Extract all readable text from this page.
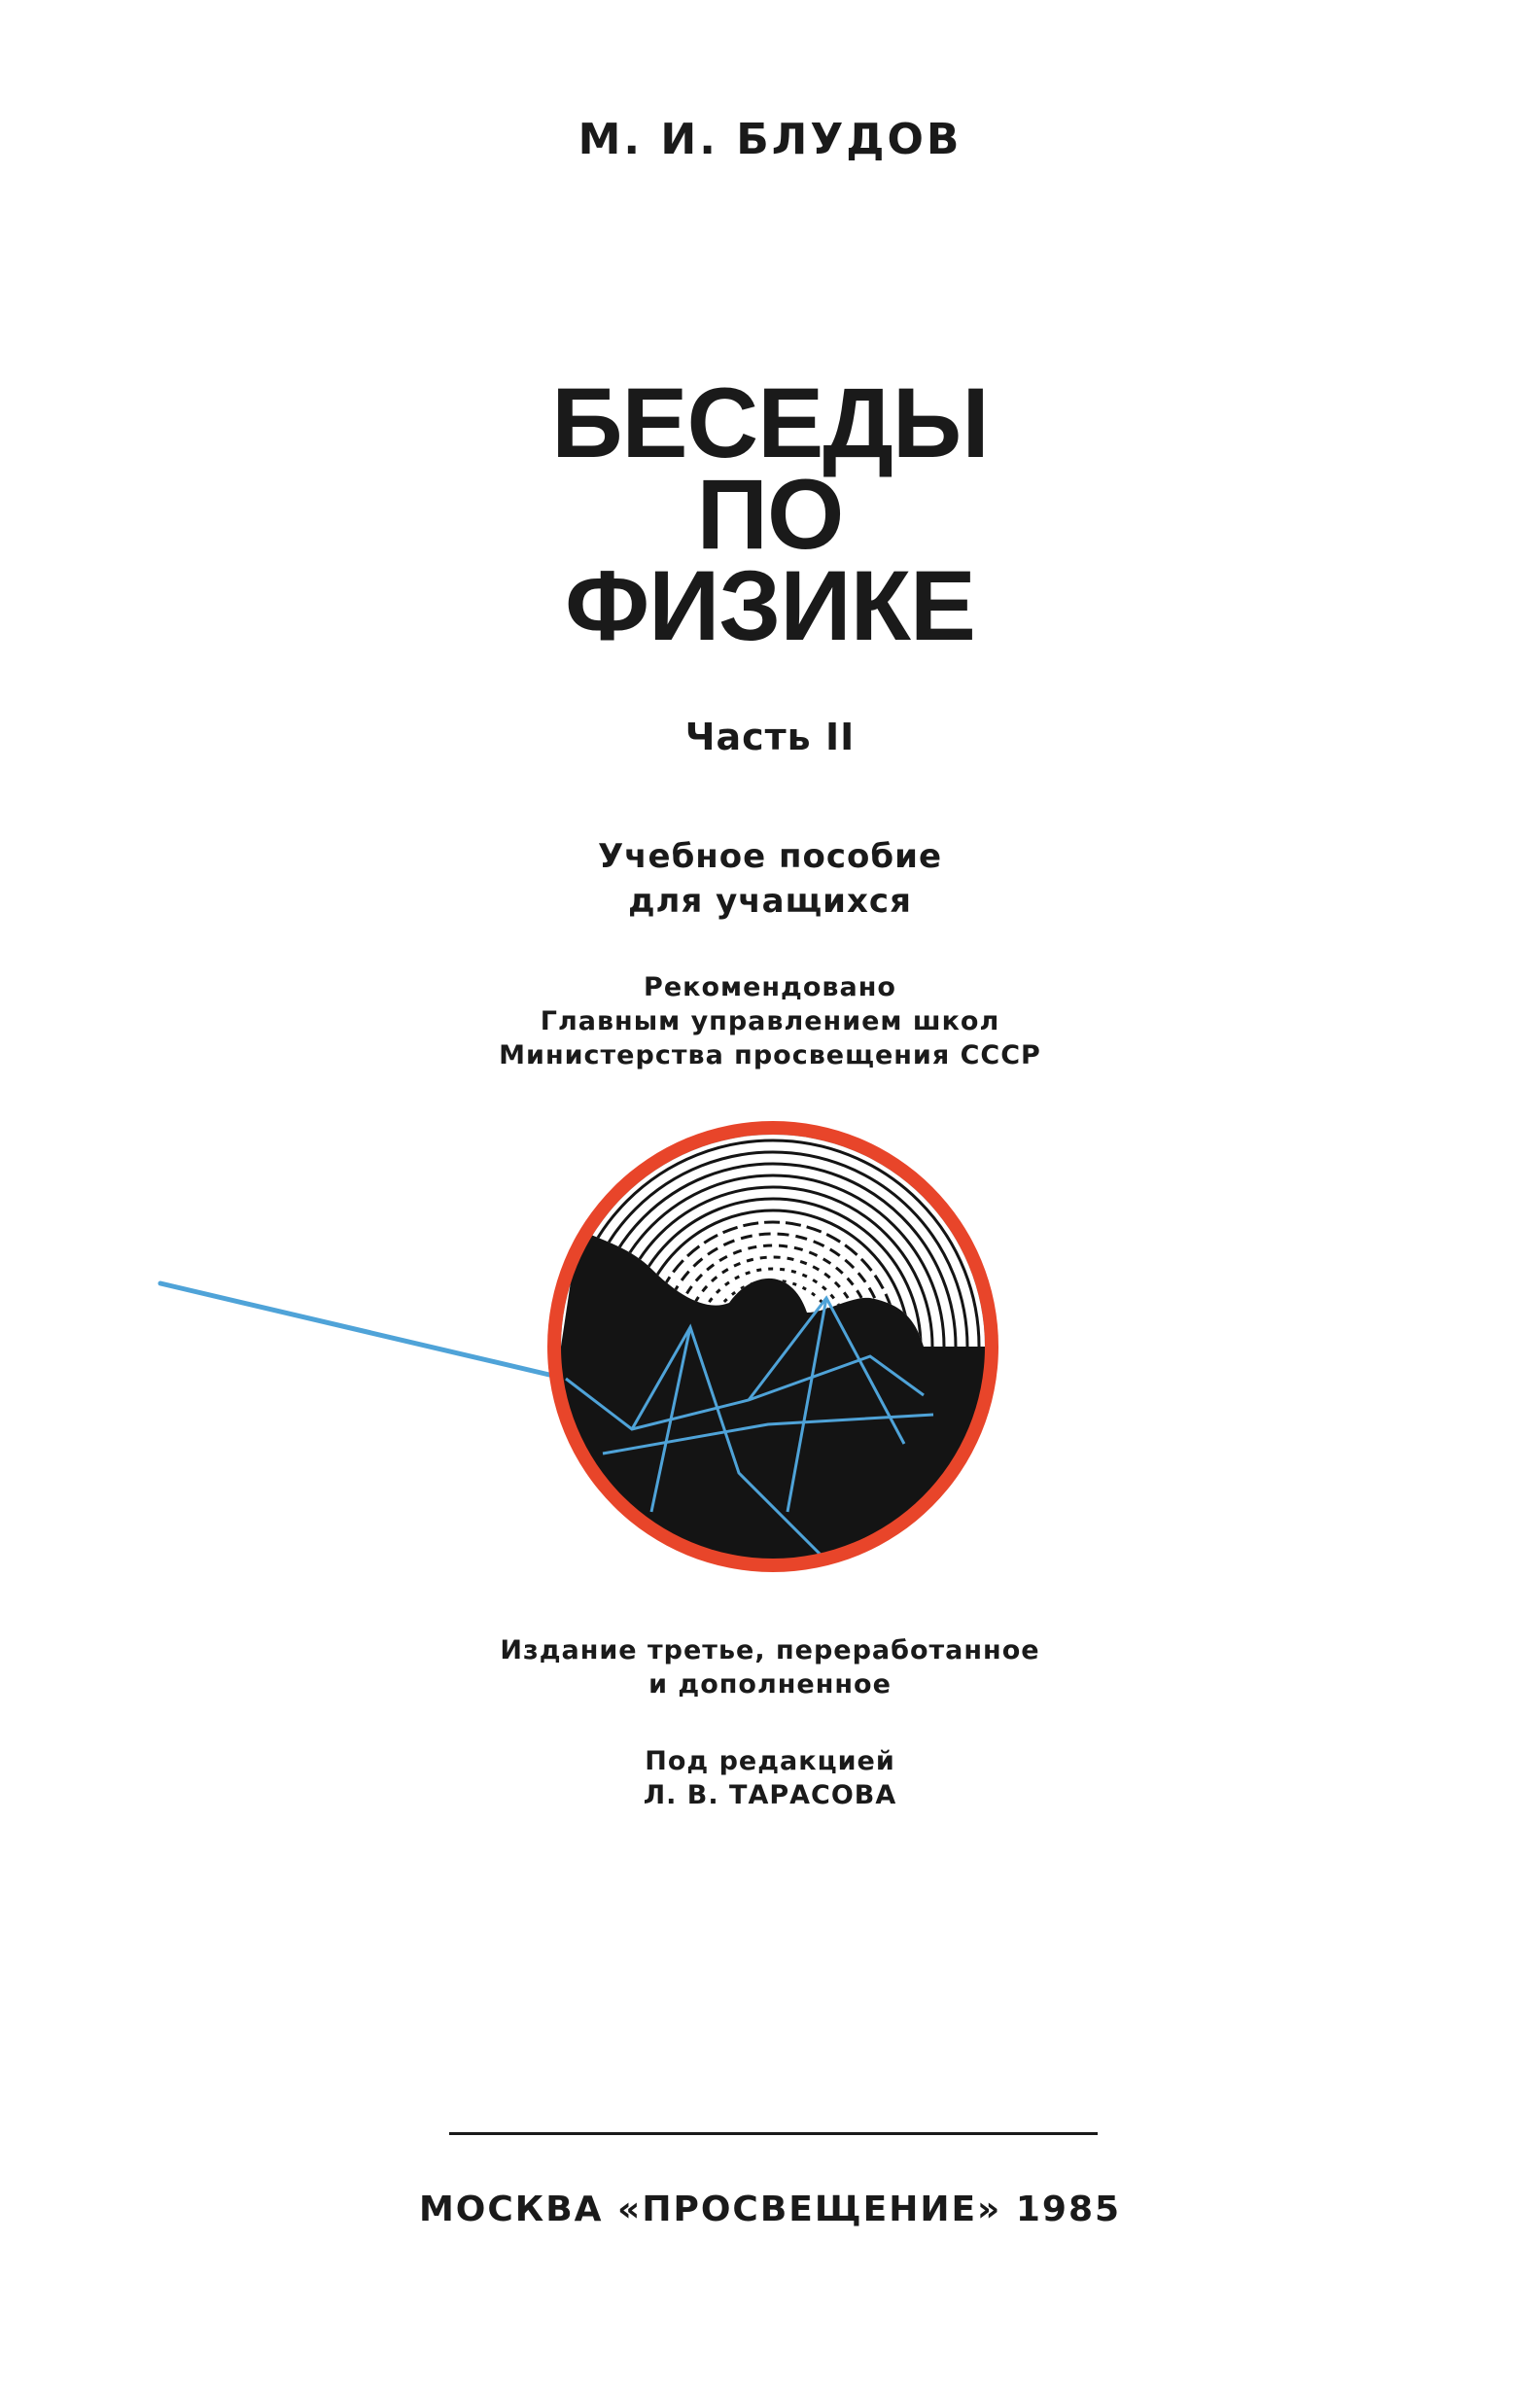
М. И. БЛУДОВ
БЕСЕДЫ
ПО
ФИЗИКЕ
Часть II
Учебное пособие
для учащихся
Рекомендовано
Главным управлением школ
Министерства просвещения СССР
Издание третье, переработанное
и дополненное
Под редакцией
Л. В. ТАРАСОВА
МОСКВА «ПРОСВЕЩЕНИЕ» 1985
